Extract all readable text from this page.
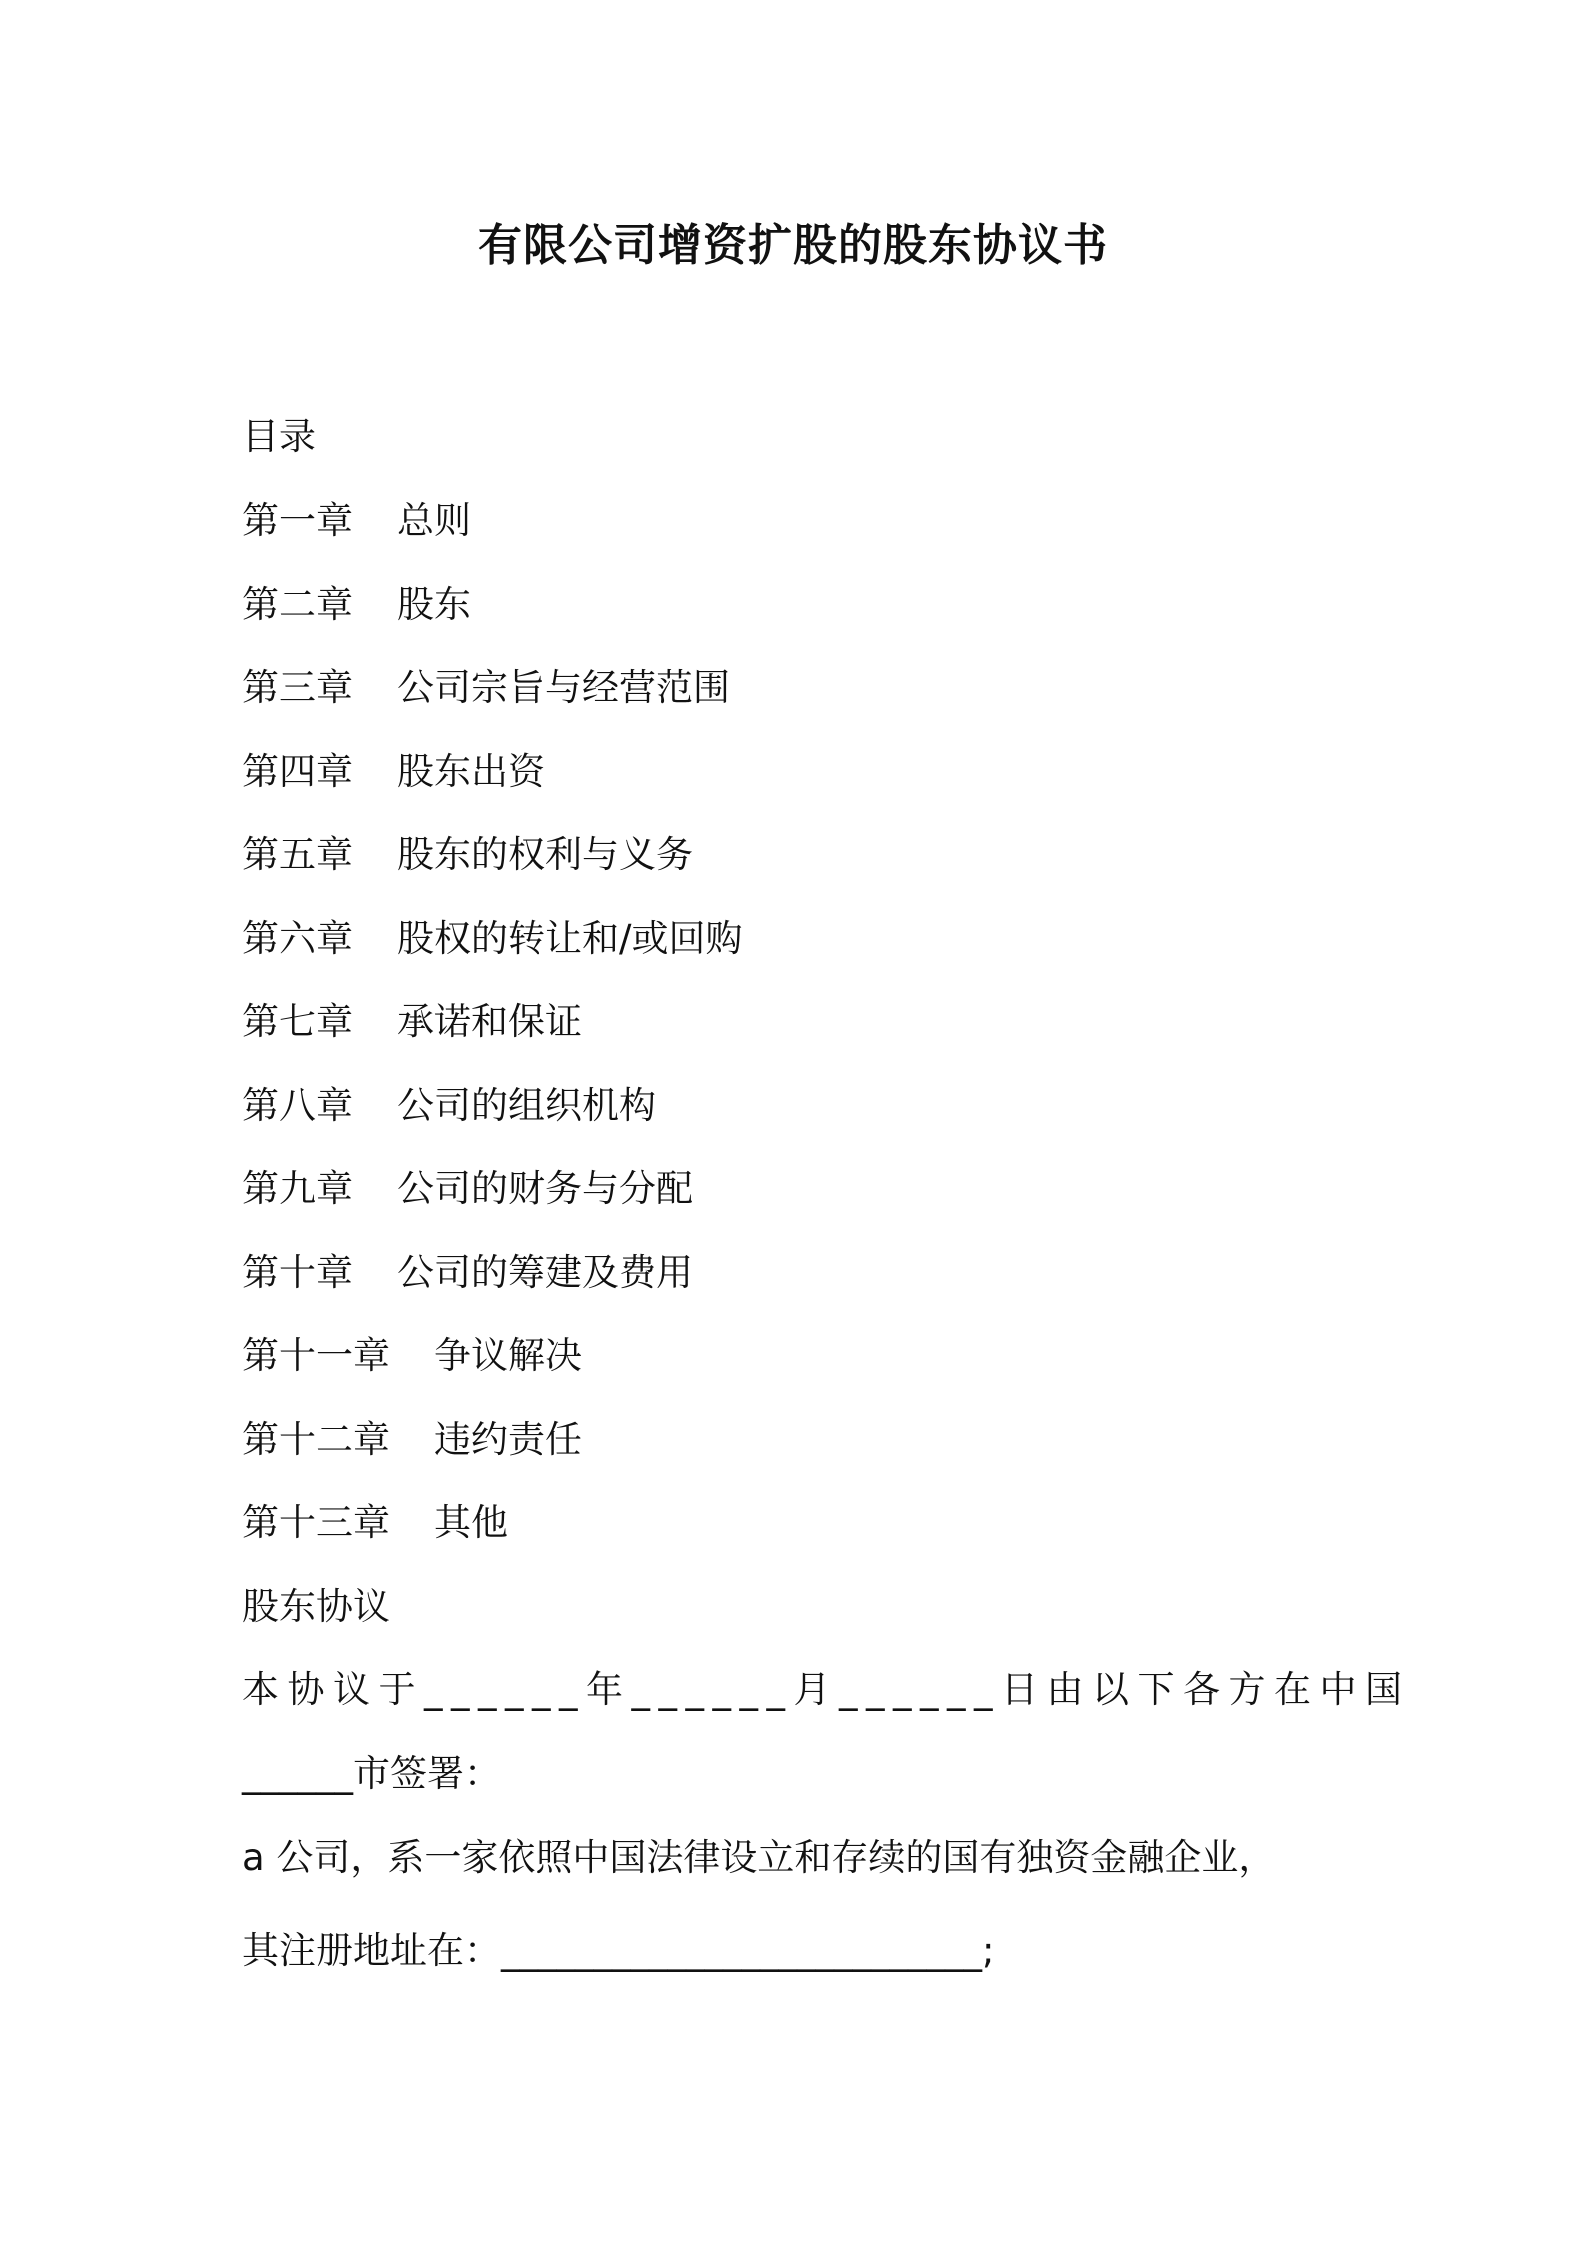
有限公司增资扩股的股东协议书
目录
第一章 总则
第二章 股东
第三章 公司宗旨与经营范围
第四章 股东出资
第五章 股东的权利与义务
第六章 股权的转让和/或回购
第七章 承诺和保证
第八章 公司的组织机构
第九章 公司的财务与分配
第十章 公司的筹建及费用
第十一章 争议解决
第十二章 违约责任
第十三章 其他
股东协议
本协议于______年______月______日由以下各方在中国
______市签署：
a 公司，系一家依照中国法律设立和存续的国有独资金融企业，
其注册地址在：__________________________;
